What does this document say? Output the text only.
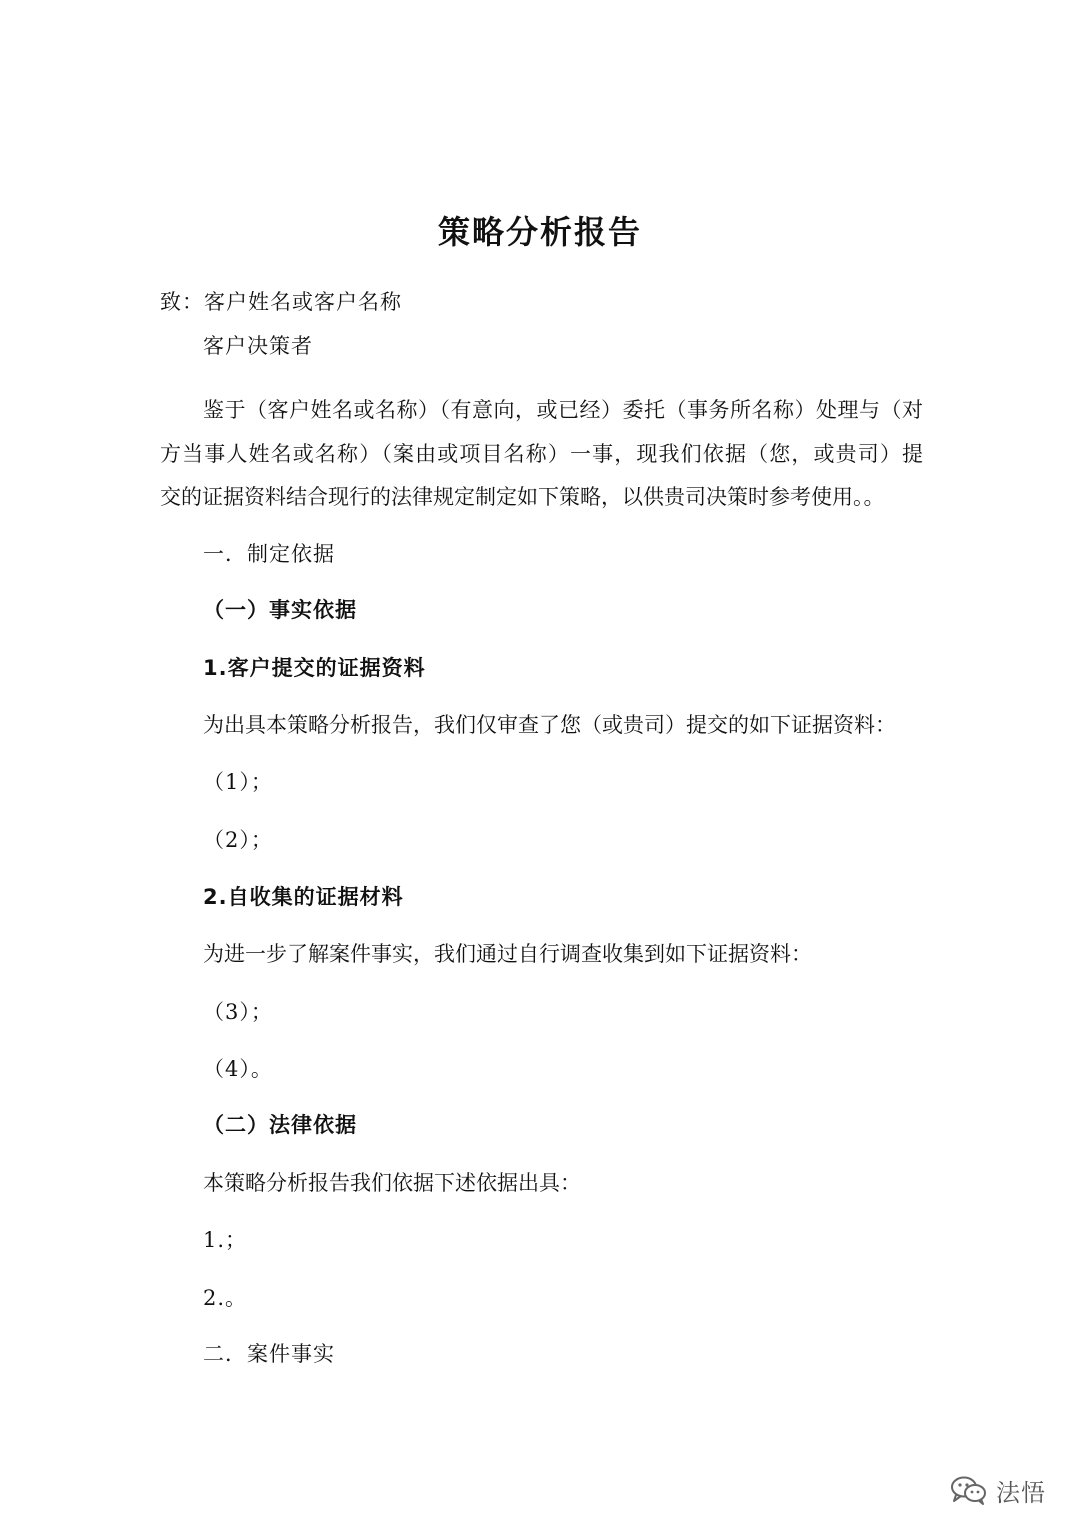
策略分析报告
致：客户姓名或客户名称
客户决策者
鉴于（客户姓名或名称）（有意向，或已经）委托（事务所名称）处理与（对
方当事人姓名或名称）（案由或项目名称）一事，现我们依据（您，或贵司）提
交的证据资料结合现行的法律规定制定如下策略，以供贵司决策时参考使用。。
一．制定依据
（一）事实依据
1.客户提交的证据资料
为出具本策略分析报告，我们仅审查了您（或贵司）提交的如下证据资料：
（1）；
（2）；
2.自收集的证据材料
为进一步了解案件事实，我们通过自行调查收集到如下证据资料：
（3）；
（4）。
（二）法律依据
本策略分析报告我们依据下述依据出具：
1.；
2.。
二．案件事实
法悟
